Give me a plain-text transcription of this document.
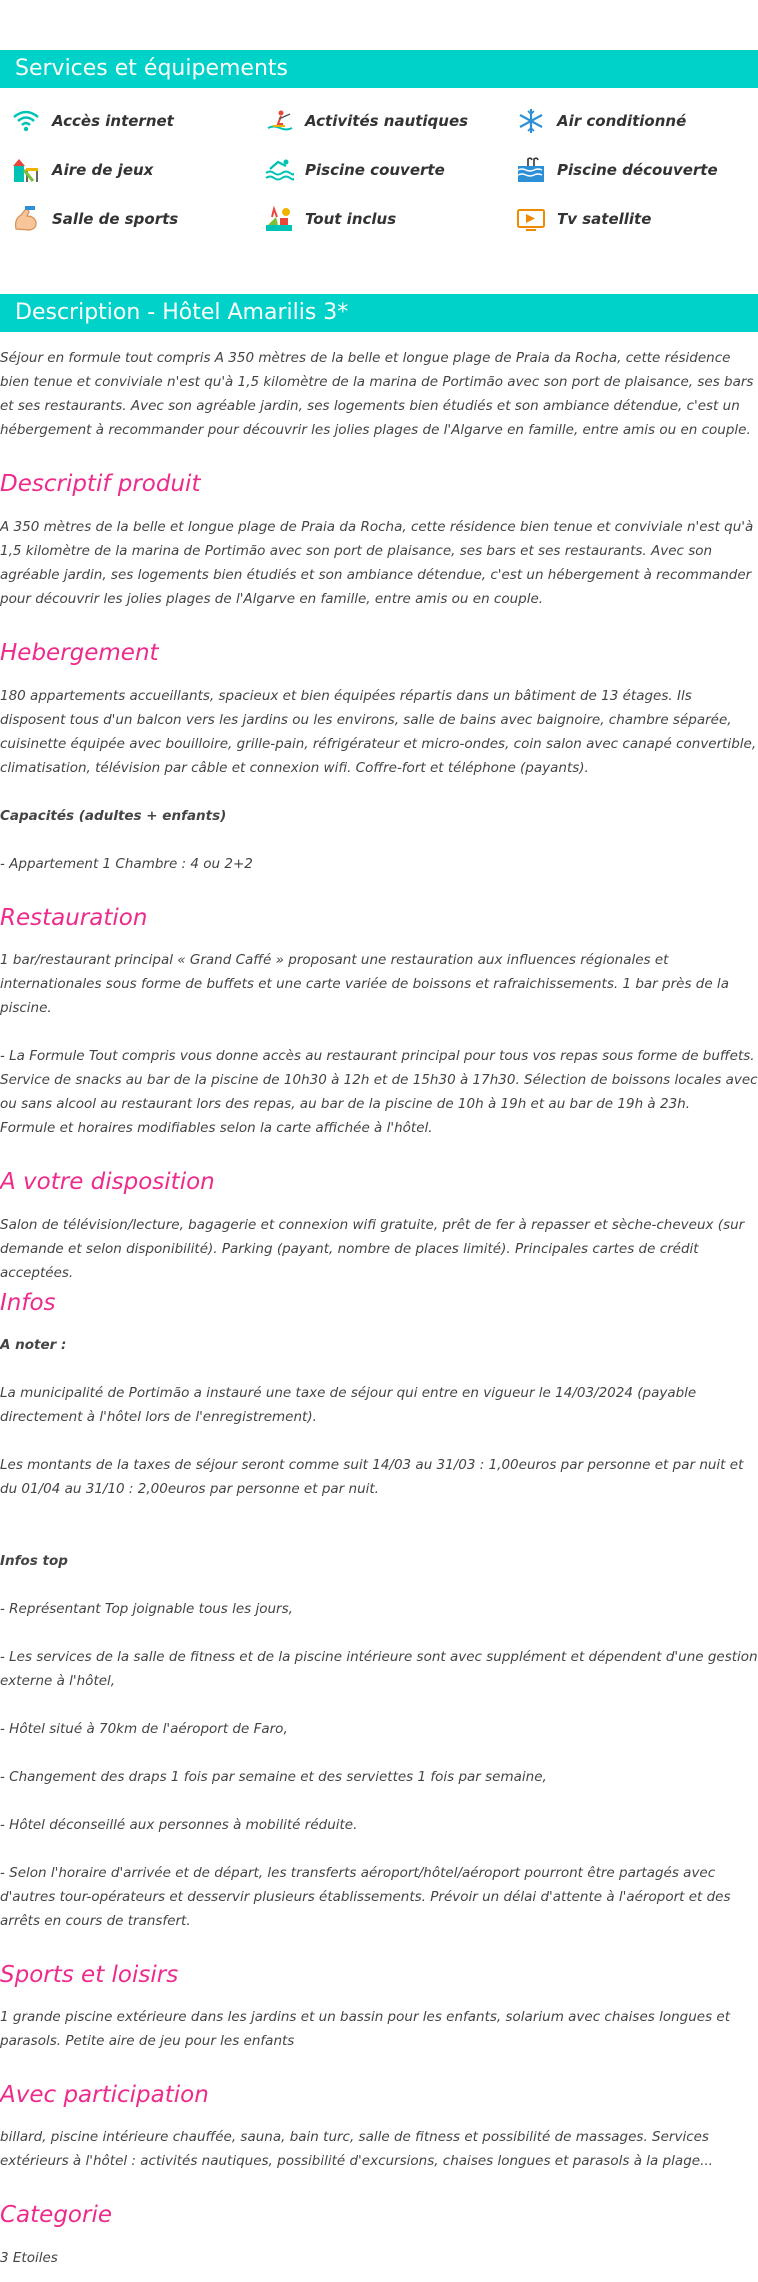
Services et équipements
Accès internet	Activités nautiques	Air conditionné
Aire de jeux	Piscine couverte	Piscine découverte
Salle de sports	Tout inclus	Tv satellite
Description - Hôtel Amarilis 3*
Séjour en formule tout compris A 350 mètres de la belle et longue plage de Praia da Rocha, cette résidence bien tenue et conviviale n'est qu'à 1,5 kilomètre de la marina de Portimão avec son port de plaisance, ses bars et ses restaurants. Avec son agréable jardin, ses logements bien étudiés et son ambiance détendue, c'est un hébergement à recommander pour découvrir les jolies plages de l'Algarve en famille, entre amis ou en couple.
Descriptif produit
A 350 mètres de la belle et longue plage de Praia da Rocha, cette résidence bien tenue et conviviale n'est qu'à 1,5 kilomètre de la marina de Portimão avec son port de plaisance, ses bars et ses restaurants. Avec son agréable jardin, ses logements bien étudiés et son ambiance détendue, c'est un hébergement à recommander pour découvrir les jolies plages de l'Algarve en famille, entre amis ou en couple.
Hebergement
180 appartements accueillants, spacieux et bien équipées répartis dans un bâtiment de 13 étages. Ils disposent tous d'un balcon vers les jardins ou les environs, salle de bains avec baignoire, chambre séparée, cuisinette équipée avec bouilloire, grille-pain, réfrigérateur et micro-ondes, coin salon avec canapé convertible, climatisation, télévision par câble et connexion wifi. Coffre-fort et téléphone (payants).
Capacités (adultes + enfants)
- Appartement 1 Chambre : 4 ou 2+2
Restauration
1 bar/restaurant principal « Grand Caffé » proposant une restauration aux influences régionales et internationales sous forme de buffets et une carte variée de boissons et rafraichissements. 1 bar près de la piscine.
- La Formule Tout compris vous donne accès au restaurant principal pour tous vos repas sous forme de buffets. Service de snacks au bar de la piscine de 10h30 à 12h et de 15h30 à 17h30. Sélection de boissons locales avec ou sans alcool au restaurant lors des repas, au bar de la piscine de 10h à 19h et au bar de 19h à 23h.
Formule et horaires modifiables selon la carte affichée à l'hôtel.
A votre disposition
Salon de télévision/lecture, bagagerie et connexion wifi gratuite, prêt de fer à repasser et sèche-cheveux (sur demande et selon disponibilité). Parking (payant, nombre de places limité). Principales cartes de crédit acceptées.
Infos
A noter :
La municipalité de Portimão a instauré une taxe de séjour qui entre en vigueur le 14/03/2024 (payable directement à l'hôtel lors de l'enregistrement).
Les montants de la taxes de séjour seront comme suit 14/03 au 31/03 : 1,00euros par personne et par nuit et du 01/04 au 31/10 : 2,00euros par personne et par nuit.
Infos top
- Représentant Top joignable tous les jours,
- Les services de la salle de fitness et de la piscine intérieure sont avec supplément et dépendent d'une gestion externe à l'hôtel,
- Hôtel situé à 70km de l'aéroport de Faro,
- Changement des draps 1 fois par semaine et des serviettes 1 fois par semaine,
- Hôtel déconseillé aux personnes à mobilité réduite.
- Selon l'horaire d'arrivée et de départ, les transferts aéroport/hôtel/aéroport pourront être partagés avec d'autres tour-opérateurs et desservir plusieurs établissements. Prévoir un délai d'attente à l'aéroport et des arrêts en cours de transfert.
Sports et loisirs
1 grande piscine extérieure dans les jardins et un bassin pour les enfants, solarium avec chaises longues et parasols. Petite aire de jeu pour les enfants
Avec participation
billard, piscine intérieure chauffée, sauna, bain turc, salle de fitness et possibilité de massages. Services extérieurs à l'hôtel : activités nautiques, possibilité d'excursions, chaises longues et parasols à la plage...
Categorie
3 Etoiles
